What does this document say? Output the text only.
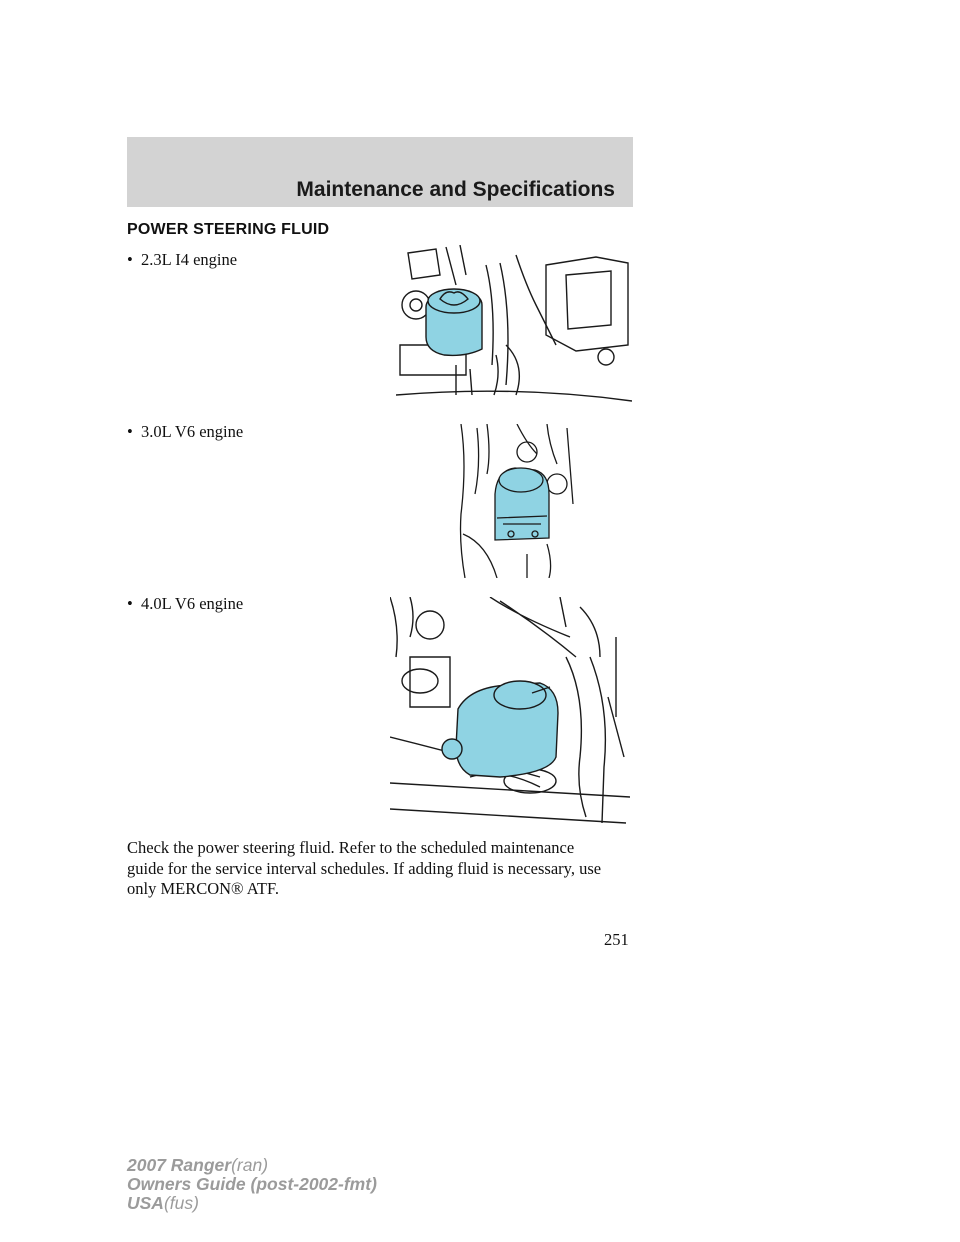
Maintenance and Specifications
POWER STEERING FLUID
• 2.3L I4 engine
• 3.0L V6 engine
• 4.0L V6 engine

Check the power steering fluid. Refer to the scheduled maintenance

guide for the service interval schedules. If adding fluid is necessary, use

only MERCON® ATF.

251
2007 Ranger(ran)
Owners Guide (post-2002-fmt)
USA(fus)
